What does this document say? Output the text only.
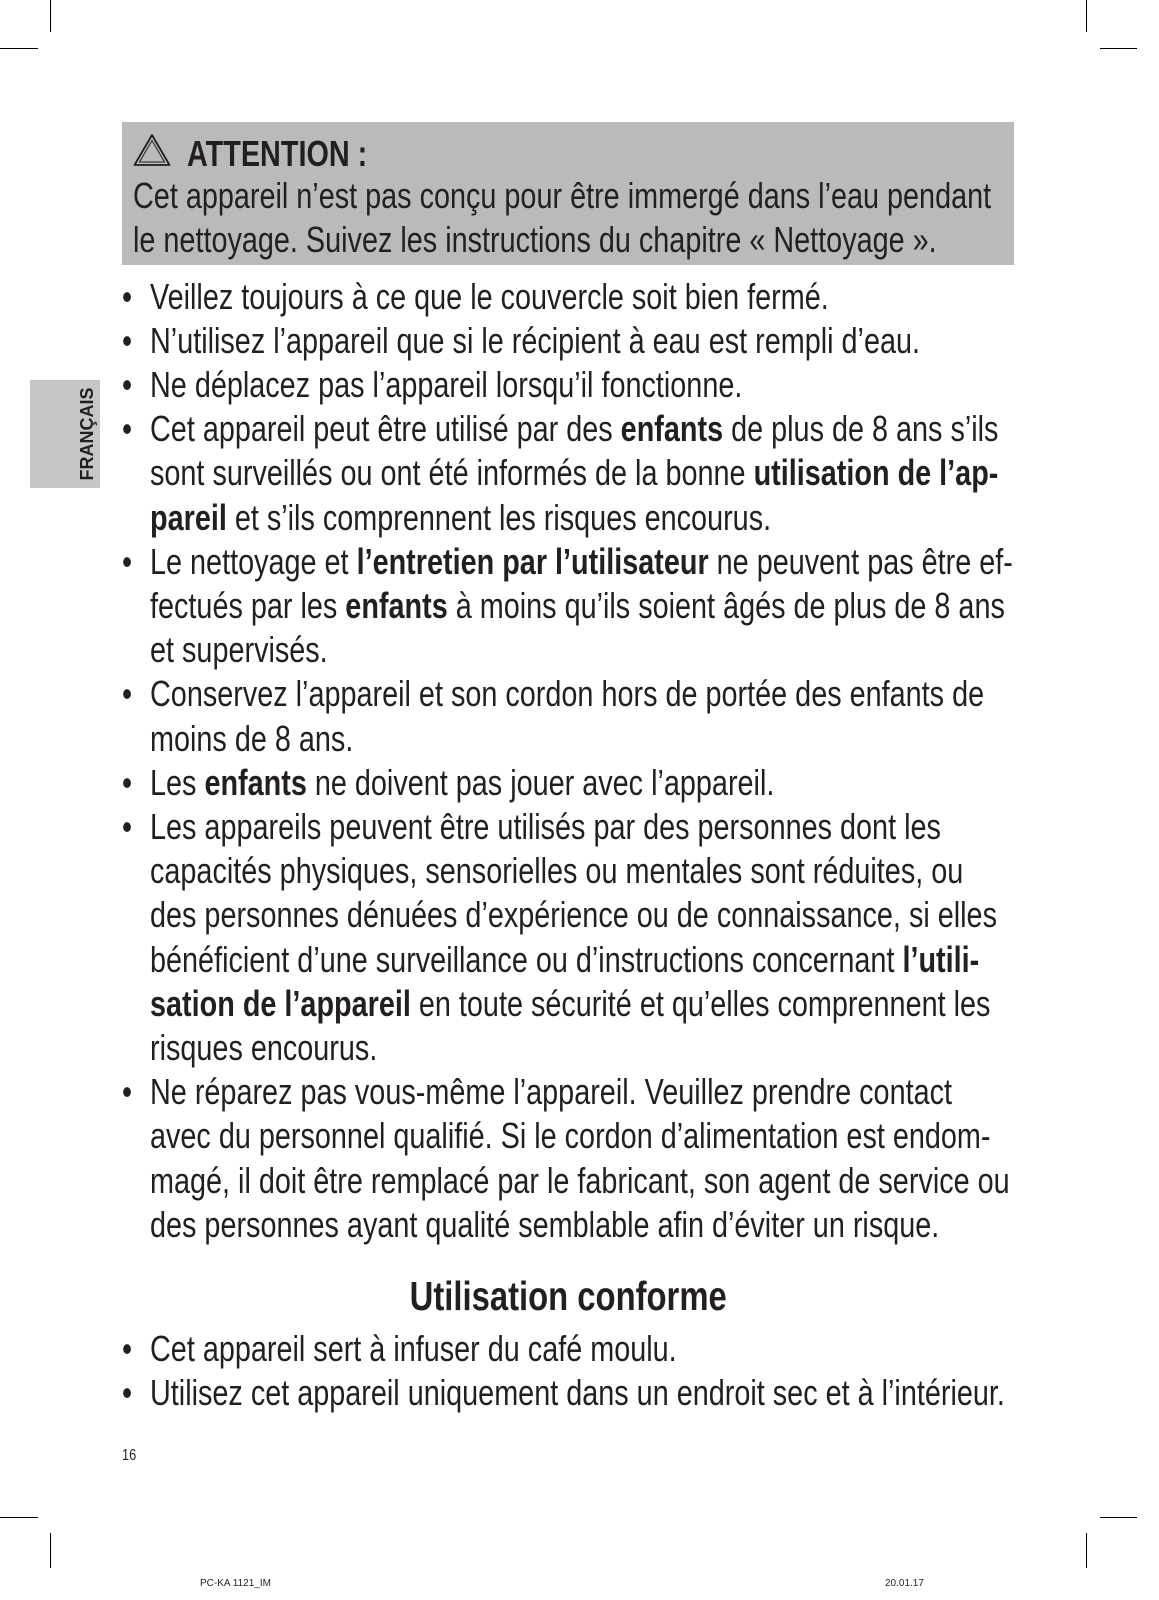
FRANÇAIS
ATTENTION :
Cet appareil n’est pas conçu pour être immergé dans l’eau pendant
le nettoyage. Suivez les instructions du chapitre « Nettoyage ».
• Veillez toujours à ce que le couvercle soit bien fermé.
• N’utilisez l’appareil que si le récipient à eau est rempli d’eau.
• Ne déplacez pas l’appareil lorsqu’il fonctionne.
• Cet appareil peut être utilisé par des enfants de plus de 8 ans s’ils
sont surveillés ou ont été informés de la bonne utilisation de l’ap-
pareil et s’ils comprennent les risques encourus.
• Le nettoyage et l’entretien par l’utilisateur ne peuvent pas être ef-
fectués par les enfants à moins qu’ils soient âgés de plus de 8 ans
et supervisés.
• Conservez l’appareil et son cordon hors de portée des enfants de
moins de 8 ans.
• Les enfants ne doivent pas jouer avec l’appareil.
• Les appareils peuvent être utilisés par des personnes dont les
capacités physiques, sensorielles ou mentales sont réduites, ou
des personnes dénuées d’expérience ou de connaissance, si elles
bénéficient d’une surveillance ou d’instructions concernant l’utili-
sation de l’appareil en toute sécurité et qu’elles comprennent les
risques encourus.
• Ne réparez pas vous-même l’appareil. Veuillez prendre contact
avec du personnel qualifié. Si le cordon d’alimentation est endom-
magé, il doit être remplacé par le fabricant, son agent de service ou
des personnes ayant qualité semblable afin d’éviter un risque.
Utilisation conforme
• Cet appareil sert à infuser du café moulu.
• Utilisez cet appareil uniquement dans un endroit sec et à l’intérieur.
16
PC-KA 1121_IM	20.01.17
